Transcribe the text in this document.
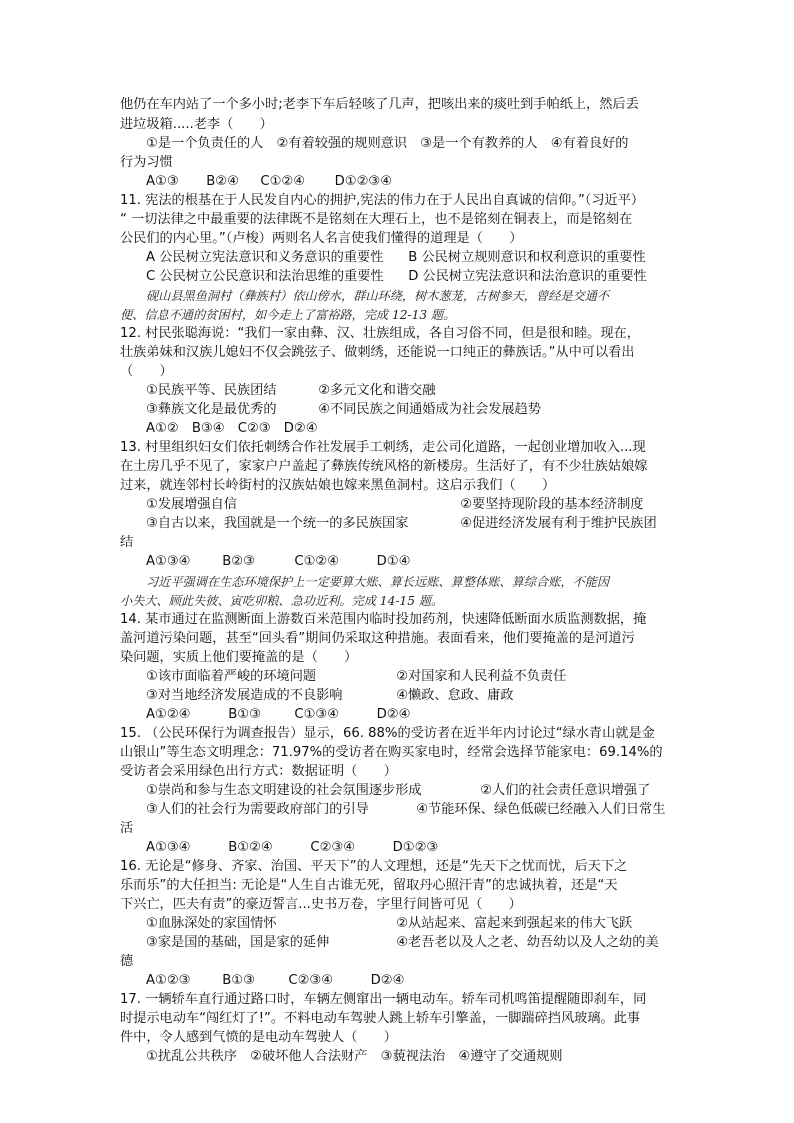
他仍在车内站了一个多小时;老李下车后轻咳了几声，把咳出来的痰吐到手帕纸上，然后丢
进垃圾箱.....老李（　　）
①是一个负责任的人　②有着较强的规则意识　③是一个有教养的人　④有着良好的
行为习惯
A①③ B②④ C①②④ D①②③④
11. 宪法的根基在于人民发自内心的拥护,宪法的伟力在于人民出自真诚的信仰。”（习近平）
“ 一切法律之中最重要的法律既不是铭刻在大理石上，也不是铭刻在铜表上，而是铭刻在
公民们的内心里。”（卢梭）两则名人名言使我们懂得的道理是（　　）
A 公民树立宪法意识和义务意识的重要性 B 公民树立规则意识和权利意识的重要性
C 公民树立公民意识和法治思维的重要性 D 公民树立宪法意识和法治意识的重要性
砚山县黑鱼洞村（彝族村）依山傍水，群山环绕，树木葱茏，古树参天，曾经是交通不
便、信息不通的贫困村，如今走上了富裕路，完成 12-13 题。
12. 村民张聪海说：“我们一家由彝、汉、壮族组成，各自习俗不同，但是很和睦。现在，
壮族弟妹和汉族儿媳妇不仅会跳弦子、做刺绣，还能说一口纯正的彝族话。”从中可以看出
（　　）
①民族平等、民族团结	②多元文化和谐交融
③彝族文化是最优秀的	④不同民族之间通婚成为社会发展趋势
A①②　B③④　C②③　D②④
13. 村里组织妇女们依托刺绣合作社发展手工刺绣，走公司化道路，一起创业增加收入...现
在土房几乎不见了，家家户户盖起了彝族传统风格的新楼房。生活好了，有不少壮族姑娘嫁
过来，就连邻村长岭街村的汉族姑娘也嫁来黑鱼洞村。这启示我们（　　）
①发展增强自信	②要坚持现阶段的基本经济制度
③自古以来，我国就是一个统一的多民族国家	④促进经济发展有利于维护民族团
结
A①③④ B②③	C①②④	D①④
习近平强调在生态环境保护上一定要算大账、算长远账、算整体账、算综合账，不能因
小失大、顾此失彼、寅吃卯粮、急功近利。完成 14-15 题。
14. 某市通过在监测断面上游数百米范围内临时投加药剂，快速降低断面水质监测数据，掩
盖河道污染问题，甚至“回头看”期间仍采取这种措施。表面看来，他们要掩盖的是河道污
染问题，实质上他们要掩盖的是（　　）
①该市面临着严峻的环境问题	②对国家和人民利益不负责任
③对当地经济发展造成的不良影响	④懒政、怠政、庸政
A①②④	B①③	C①③④	D②④
15. （公民环保行为调查报告）显示，66. 88%的受访者在近半年内讨论过“绿水青山就是金
山银山”等生态文明理念：71.97%的受访者在购买家电时，经常会选择节能家电：69.14%的
受访者会采用绿色出行方式：数据证明（　　）
①崇尚和参与生态文明建设的社会氛围逐步形成	②人们的社会责任意识增强了
③人们的社会行为需要政府部门的引导	④节能环保、绿色低碳已经融入人们日常生
活
A①③④	B①②④	C②③④	D①②③
16. 无论是“修身、齐家、治国、平天下”的人文理想，还是“先天下之忧而忧，后天下之
乐而乐”的大任担当: 无论是“人生自古谁无死，留取丹心照汗青”的忠诚执着，还是“天
下兴亡，匹夫有责”的豪迈誓言...史书万卷，字里行间皆可见（　　）
①血脉深处的家国情怀	②从站起来、富起来到强起来的伟大飞跃
③家是国的基础，国是家的延伸	④老吾老以及人之老、幼吾幼以及人之幼的美
德
A①②③ B①③	C②③④	D②④
17. 一辆轿车直行通过路口时，车辆左侧窜出一辆电动车。轿车司机鸣笛提醒随即刹车，同
时提示电动车“闯红灯了!”。不料电动车驾驶人跳上轿车引擎盖，一脚踹碎挡风玻璃。此事
件中，令人感到气愤的是电动车驾驶人（　　）
①扰乱公共秩序　②破坏他人合法财产　③藐视法治　④遵守了交通规则
